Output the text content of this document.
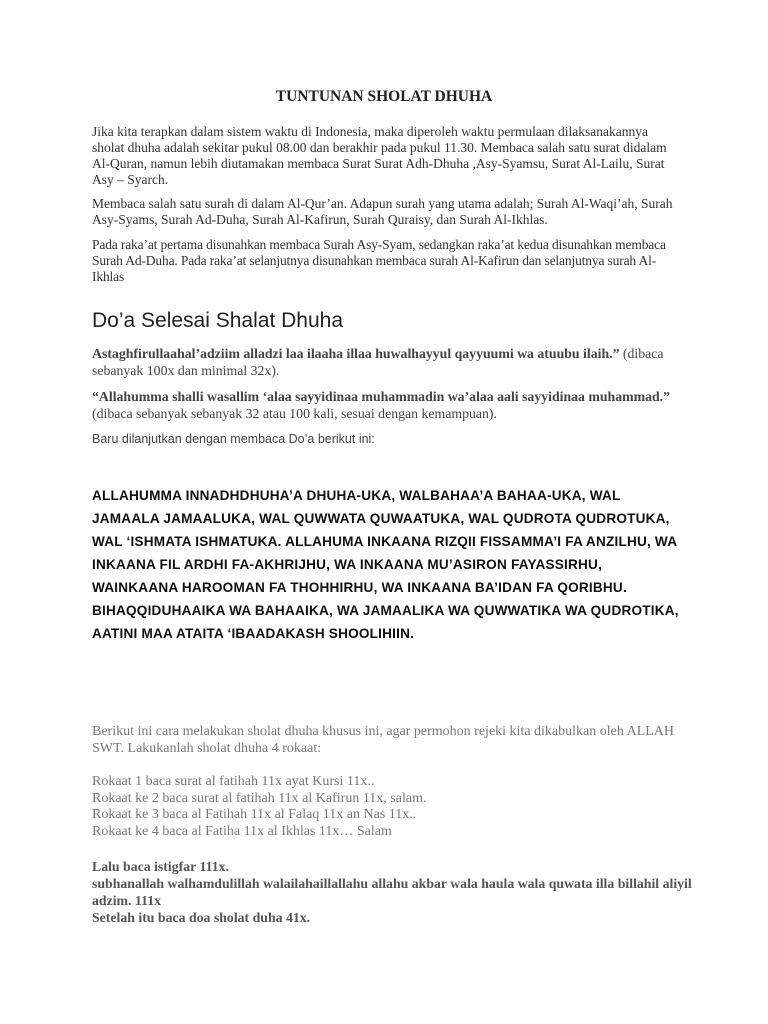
TUNTUNAN SHOLAT DHUHA
Jika kita terapkan dalam sistem waktu di Indonesia, maka diperoleh waktu permulaan dilaksanakannya sholat dhuha adalah sekitar pukul 08.00 dan berakhir pada pukul 11.30. Membaca salah satu surat didalam Al-Quran, namun lebih diutamakan membaca Surat Surat Adh-Dhuha ,Asy-Syamsu, Surat Al-Lailu, Surat Asy – Syarch.
Membaca salah satu surah di dalam Al-Qur’an. Adapun surah yang utama adalah; Surah Al-Waqi’ah, Surah Asy-Syams, Surah Ad-Duha, Surah Al-Kafirun, Surah Quraisy, dan Surah Al-Ikhlas.
Pada raka’at pertama disunahkan membaca Surah Asy-Syam, sedangkan raka’at kedua disunahkan membaca Surah Ad-Duha. Pada raka’at selanjutnya disunahkan membaca surah Al-Kafirun dan selanjutnya surah Al-Ikhlas
Do’a Selesai Shalat Dhuha
Astaghfirullaahal’adziim alladzi laa ilaaha illaa huwalhayyul qayyuumi wa atuubu ilaih.” (dibaca sebanyak 100x dan minimal 32x).
“Allahumma shalli wasallim ‘alaa sayyidinaa muhammadin wa’alaa aali sayyidinaa muhammad.” (dibaca sebanyak sebanyak 32 atau 100 kali, sesuai dengan kemampuan).
Baru dilanjutkan dengan membaca Do’a berikut ini:
ALLAHUMMA INNADHDHUHA’A DHUHA-UKA, WALBAHAA’A BAHAA-UKA, WAL JAMAALA JAMAALUKA, WAL QUWWATA QUWAATUKA, WAL QUDROTA QUDROTUKA, WAL ‘ISHMATA ISHMATUKA. ALLAHUMA INKAANA RIZQII FISSAMMA’I FA ANZILHU, WA INKAANA FIL ARDHI FA-AKHRIJHU, WA INKAANA MU’ASIRON FAYASSIRHU, WAINKAANA HAROOMAN FA THOHHIRHU, WA INKAANA BA’IDAN FA QORIBHU. BIHAQQIDUHAAIKA WA BAHAAIKA, WA JAMAALIKA WA QUWWATIKA WA QUDROTIKA, AATINI MAA ATAITA ‘IBAADAKASH SHOOLIHIIN.
Berikut ini cara melakukan sholat dhuha khusus ini, agar permohon rejeki kita dikabulkan oleh ALLAH SWT. Lakukanlah sholat dhuha 4 rokaat:
Rokaat 1 baca surat al fatihah 11x ayat Kursi 11x..
Rokaat ke 2 baca surat al fatihah 11x al Kafirun 11x, salam.
Rokaat ke 3 baca al Fatihah 11x al Falaq 11x an Nas 11x..
Rokaat ke 4 baca al Fatiha 11x al Ikhlas 11x… Salam
Lalu baca istigfar 111x.
subhanallah walhamdulillah walailahaillallahu allahu akbar wala haula wala quwata illa billahil aliyil adzim. 111x
Setelah itu baca doa sholat duha 41x.
